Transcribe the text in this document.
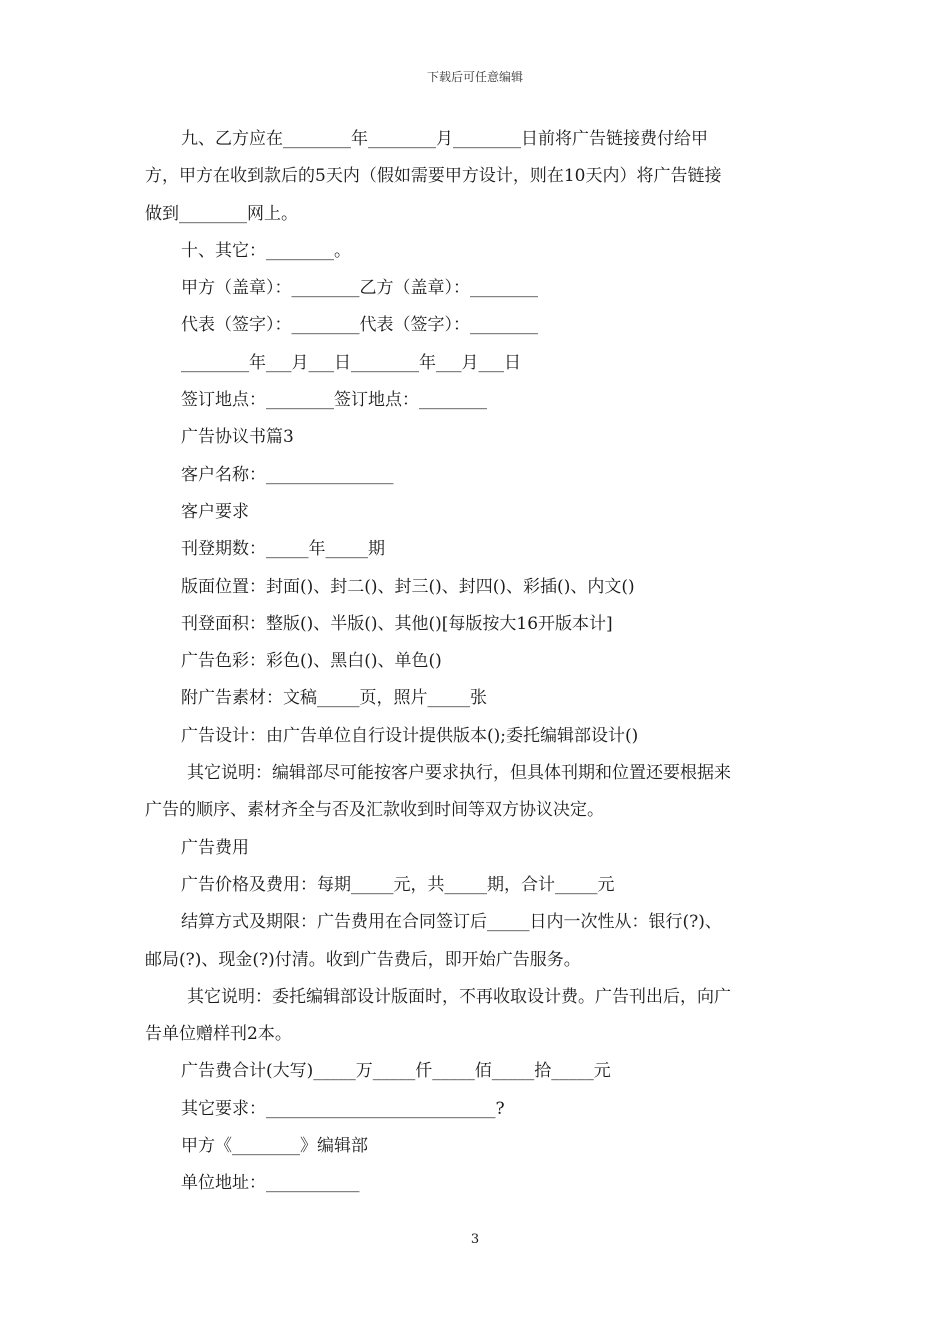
下载后可任意编辑
九、乙方应在________年________月________日前将广告链接费付给甲
方，甲方在收到款后的5天内（假如需要甲方设计，则在10天内）将广告链接
做到________网上。
十、其它：________。
甲方（盖章）：________乙方（盖章）：________
代表（签字）：________代表（签字）：________
________年___月___日________年___月___日
签订地点：________签订地点：________
广告协议书篇3
客户名称：_______________
客户要求
刊登期数：_____年_____期
版面位置：封面()、封二()、封三()、封四()、彩插()、内文()
刊登面积：整版()、半版()、其他()[每版按大16开版本计]
广告色彩：彩色()、黑白()、单色()
附广告素材：文稿_____页，照片_____张
广告设计：由广告单位自行设计提供版本();委托编辑部设计()
其它说明：编辑部尽可能按客户要求执行，但具体刊期和位置还要根据来
广告的顺序、素材齐全与否及汇款收到时间等双方协议决定。
广告费用
广告价格及费用：每期_____元，共_____期，合计_____元
结算方式及期限：广告费用在合同签订后_____日内一次性从：银行(?)、
邮局(?)、现金(?)付清。收到广告费后，即开始广告服务。
其它说明：委托编辑部设计版面时，不再收取设计费。广告刊出后，向广
告单位赠样刊2本。
广告费合计(大写)_____万_____仟_____佰_____拾_____元
其它要求：___________________________?
甲方《________》编辑部
单位地址：___________
3
